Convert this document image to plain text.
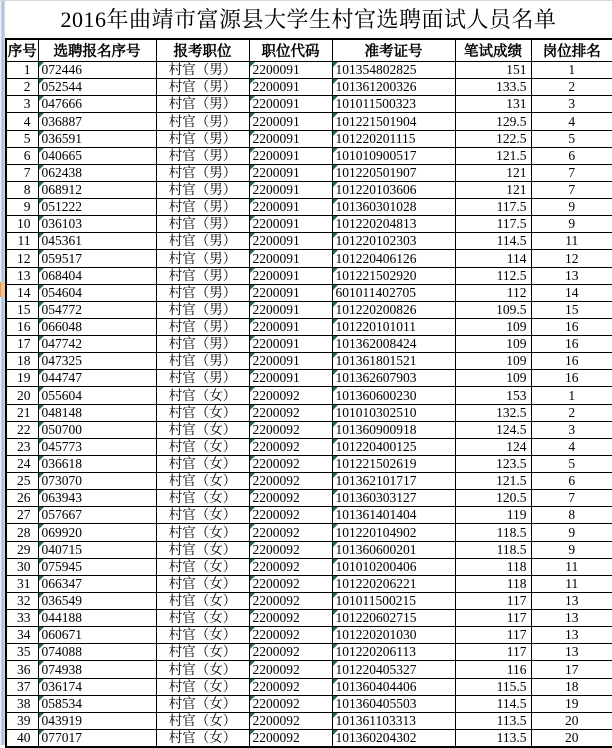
2016年曲靖市富源县大学生村官选聘面试人员名单
序号	选聘报名序号	报考职位	职位代码	准考证号	笔试成绩	岗位排名
1	072446	村官（男）	2200091	101354802825	151	1
2	052544	村官（男）	2200091	101361200326	133.5	2
3	047666	村官（男）	2200091	101011500323	131	3
4	036887	村官（男）	2200091	101221501904	129.5	4
5	036591	村官（男）	2200091	101220201115	122.5	5
6	040665	村官（男）	2200091	101010900517	121.5	6
7	062438	村官（男）	2200091	101220501907	121	7
8	068912	村官（男）	2200091	101220103606	121	7
9	051222	村官（男）	2200091	101360301028	117.5	9
10	036103	村官（男）	2200091	101220204813	117.5	9
11	045361	村官（男）	2200091	101220102303	114.5	11
12	059517	村官（男）	2200091	101220406126	114	12
13	068404	村官（男）	2200091	101221502920	112.5	13
14	054604	村官（男）	2200091	601011402705	112	14
15	054772	村官（男）	2200091	101220200826	109.5	15
16	066048	村官（男）	2200091	101220101011	109	16
17	047742	村官（男）	2200091	101362008424	109	16
18	047325	村官（男）	2200091	101361801521	109	16
19	044747	村官（男）	2200091	101362607903	109	16
20	055604	村官（女）	2200092	101360600230	153	1
21	048148	村官（女）	2200092	101010302510	132.5	2
22	050700	村官（女）	2200092	101360900918	124.5	3
23	045773	村官（女）	2200092	101220400125	124	4
24	036618	村官（女）	2200092	101221502619	123.5	5
25	073070	村官（女）	2200092	101362101717	121.5	6
26	063943	村官（女）	2200092	101360303127	120.5	7
27	057667	村官（女）	2200092	101361401404	119	8
28	069920	村官（女）	2200092	101220104902	118.5	9
29	040715	村官（女）	2200092	101360600201	118.5	9
30	075945	村官（女）	2200092	101010200406	118	11
31	066347	村官（女）	2200092	101220206221	118	11
32	036549	村官（女）	2200092	101011500215	117	13
33	044188	村官（女）	2200092	101220602715	117	13
34	060671	村官（女）	2200092	101220201030	117	13
35	074088	村官（女）	2200092	101220206113	117	13
36	074938	村官（女）	2200092	101220405327	116	17
37	036174	村官（女）	2200092	101360404406	115.5	18
38	058534	村官（女）	2200092	101360405503	114.5	19
39	043919	村官（女）	2200092	101361103313	113.5	20
40	077017	村官（女）	2200092	101360204302	113.5	20
